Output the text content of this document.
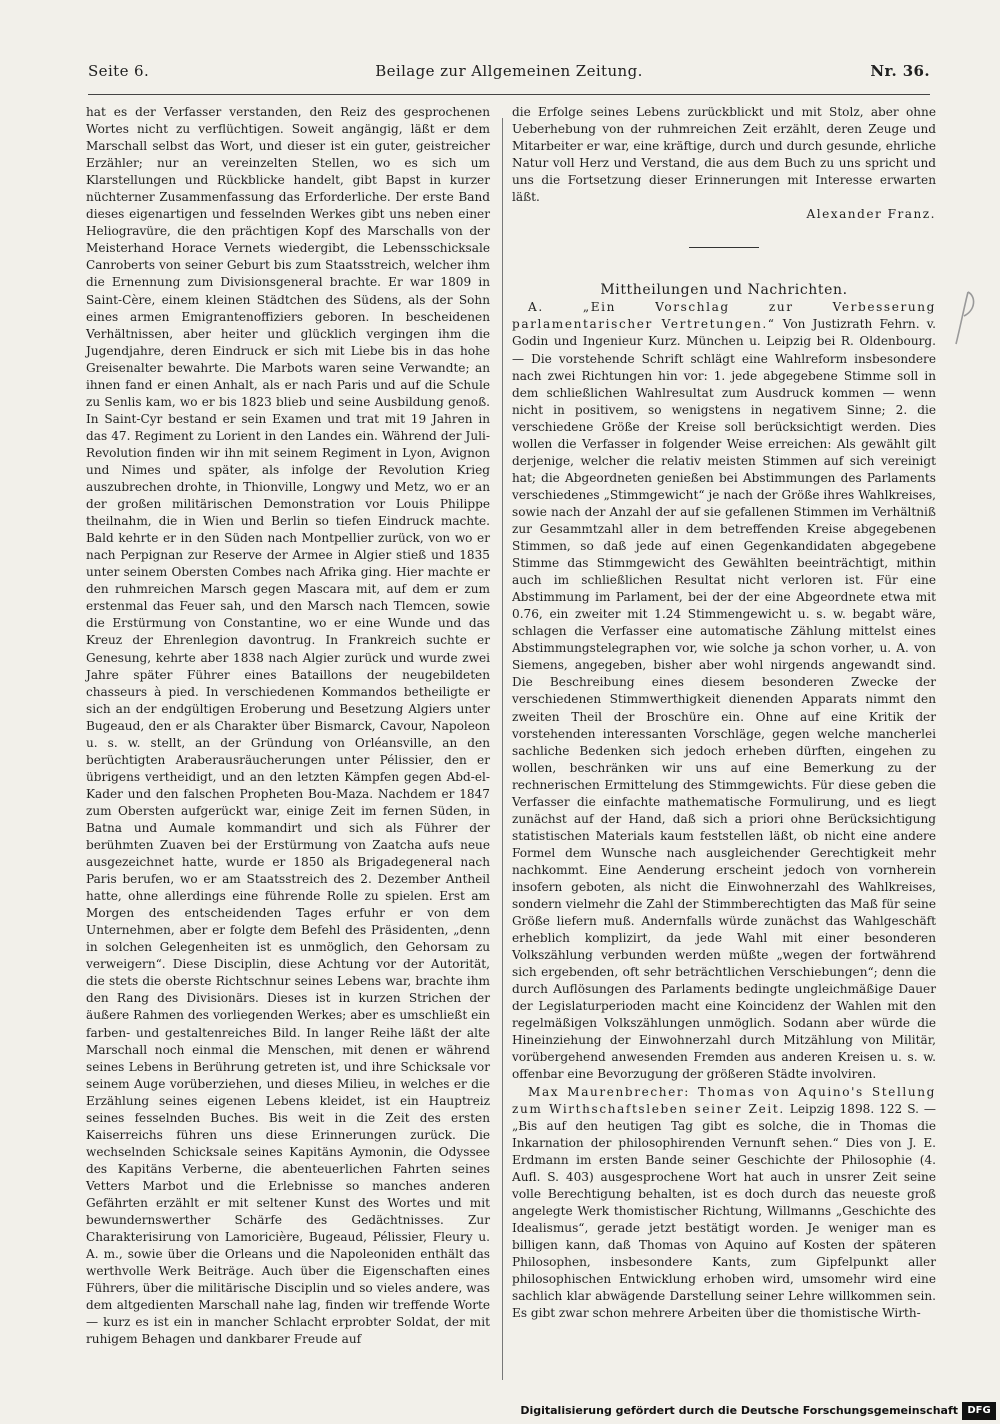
Seite 6.	Beilage zur Allgemeinen Zeitung.	Nr. 36.

hat es der Verfasser verstanden, den Reiz des gesprochenen Wortes nicht zu verflüchtigen. Soweit angängig, läßt er dem Marschall selbst das Wort, und dieser ist ein guter, geistreicher Erzähler; nur an vereinzelten Stellen, wo es sich um Klarstellungen und Rückblicke handelt, gibt Bapst in kurzer nüchterner Zusammenfassung das Erforderliche. Der erste Band dieses eigenartigen und fesselnden Werkes gibt uns neben einer Heliogravüre, die den prächtigen Kopf des Marschalls von der Meisterhand Horace Vernets wiedergibt, die Lebensschicksale Canroberts von seiner Geburt bis zum Staatsstreich, welcher ihm die Ernennung zum Divisionsgeneral brachte. Er war 1809 in Saint-Cère, einem kleinen Städtchen des Südens, als der Sohn eines armen Emigrantenoffiziers geboren. In bescheidenen Verhältnissen, aber heiter und glücklich vergingen ihm die Jugendjahre, deren Eindruck er sich mit Liebe bis in das hohe Greisenalter bewahrte. Die Marbots waren seine Verwandte; an ihnen fand er einen Anhalt, als er nach Paris und auf die Schule zu Senlis kam, wo er bis 1823 blieb und seine Ausbildung genoß. In Saint-Cyr bestand er sein Examen und trat mit 19 Jahren in das 47. Regiment zu Lorient in den Landes ein. Während der Juli-Revolution finden wir ihn mit seinem Regiment in Lyon, Avignon und Nimes und später, als infolge der Revolution Krieg auszubrechen drohte, in Thionville, Longwy und Metz, wo er an der großen militärischen Demonstration vor Louis Philippe theilnahm, die in Wien und Berlin so tiefen Eindruck machte. Bald kehrte er in den Süden nach Montpellier zurück, von wo er nach Perpignan zur Reserve der Armee in Algier stieß und 1835 unter seinem Obersten Combes nach Afrika ging. Hier machte er den ruhmreichen Marsch gegen Mascara mit, auf dem er zum erstenmal das Feuer sah, und den Marsch nach Tlemcen, sowie die Erstürmung von Constantine, wo er eine Wunde und das Kreuz der Ehrenlegion davontrug. In Frankreich suchte er Genesung, kehrte aber 1838 nach Algier zurück und wurde zwei Jahre später Führer eines Bataillons der neugebildeten chasseurs à pied. In verschiedenen Kommandos betheiligte er sich an der endgültigen Eroberung und Besetzung Algiers unter Bugeaud, den er als Charakter über Bismarck, Cavour, Napoleon u. s. w. stellt, an der Gründung von Orléansville, an den berüchtigten Araberausräucherungen unter Pélissier, den er übrigens vertheidigt, und an den letzten Kämpfen gegen Abd-el-Kader und den falschen Propheten Bou-Maza. Nachdem er 1847 zum Obersten aufgerückt war, einige Zeit im fernen Süden, in Batna und Aumale kommandirt und sich als Führer der berühmten Zuaven bei der Erstürmung von Zaatcha aufs neue ausgezeichnet hatte, wurde er 1850 als Brigadegeneral nach Paris berufen, wo er am Staatsstreich des 2. Dezember Antheil hatte, ohne allerdings eine führende Rolle zu spielen. Erst am Morgen des entscheidenden Tages erfuhr er von dem Unternehmen, aber er folgte dem Befehl des Präsidenten, „denn in solchen Gelegenheiten ist es unmöglich, den Gehorsam zu verweigern“. Diese Disciplin, diese Achtung vor der Autorität, die stets die oberste Richtschnur seines Lebens war, brachte ihm den Rang des Divisionärs. Dieses ist in kurzen Strichen der äußere Rahmen des vorliegenden Werkes; aber es umschließt ein farben- und gestaltenreiches Bild. In langer Reihe läßt der alte Marschall noch einmal die Menschen, mit denen er während seines Lebens in Berührung getreten ist, und ihre Schicksale vor seinem Auge vorüberziehen, und dieses Milieu, in welches er die Erzählung seines eigenen Lebens kleidet, ist ein Hauptreiz seines fesselnden Buches. Bis weit in die Zeit des ersten Kaiserreichs führen uns diese Erinnerungen zurück. Die wechselnden Schicksale seines Kapitäns Aymonin, die Odyssee des Kapitäns Verberne, die abenteuerlichen Fahrten seines Vetters Marbot und die Erlebnisse so manches anderen Gefährten erzählt er mit seltener Kunst des Wortes und mit bewundernswerther Schärfe des Gedächtnisses. Zur Charakterisirung von Lamoricière, Bugeaud, Pélissier, Fleury u. A. m., sowie über die Orleans und die Napoleoniden enthält das werthvolle Werk Beiträge. Auch über die Eigenschaften eines Führers, über die militärische Disciplin und so vieles andere, was dem altgedienten Marschall nahe lag, finden wir treffende Worte — kurz es ist ein in mancher Schlacht erprobter Soldat, der mit ruhigem Behagen und dankbarer Freude auf

die Erfolge seines Lebens zurückblickt und mit Stolz, aber ohne Ueberhebung von der ruhmreichen Zeit erzählt, deren Zeuge und Mitarbeiter er war, eine kräftige, durch und durch gesunde, ehrliche Natur voll Herz und Verstand, die aus dem Buch zu uns spricht und uns die Fortsetzung dieser Erinnerungen mit Interesse erwarten läßt.

Alexander Franz.

Mittheilungen und Nachrichten.

A. „Ein Vorschlag zur Verbesserung parlamentarischer Vertretungen.“ Von Justizrath Fehrn. v. Godin und Ingenieur Kurz. München u. Leipzig bei R. Oldenbourg. — Die vorstehende Schrift schlägt eine Wahlreform insbesondere nach zwei Richtungen hin vor: 1. jede abgegebene Stimme soll in dem schließlichen Wahlresultat zum Ausdruck kommen — wenn nicht in positivem, so wenigstens in negativem Sinne; 2. die verschiedene Größe der Kreise soll berücksichtigt werden. Dies wollen die Verfasser in folgender Weise erreichen: Als gewählt gilt derjenige, welcher die relativ meisten Stimmen auf sich vereinigt hat; die Abgeordneten genießen bei Abstimmungen des Parlaments verschiedenes „Stimmgewicht“ je nach der Größe ihres Wahlkreises, sowie nach der Anzahl der auf sie gefallenen Stimmen im Verhältniß zur Gesammtzahl aller in dem betreffenden Kreise abgegebenen Stimmen, so daß jede auf einen Gegenkandidaten abgegebene Stimme das Stimmgewicht des Gewählten beeinträchtigt, mithin auch im schließlichen Resultat nicht verloren ist. Für eine Abstimmung im Parlament, bei der der eine Abgeordnete etwa mit 0.76, ein zweiter mit 1.24 Stimmengewicht u. s. w. begabt wäre, schlagen die Verfasser eine automatische Zählung mittelst eines Abstimmungstelegraphen vor, wie solche ja schon vorher, u. A. von Siemens, angegeben, bisher aber wohl nirgends angewandt sind. Die Beschreibung eines diesem besonderen Zwecke der verschiedenen Stimmwerthigkeit dienenden Apparats nimmt den zweiten Theil der Broschüre ein. Ohne auf eine Kritik der vorstehenden interessanten Vorschläge, gegen welche mancherlei sachliche Bedenken sich jedoch erheben dürften, eingehen zu wollen, beschränken wir uns auf eine Bemerkung zu der rechnerischen Ermittelung des Stimmgewichts. Für diese geben die Verfasser die einfachte mathematische Formulirung, und es liegt zunächst auf der Hand, daß sich a priori ohne Berücksichtigung statistischen Materials kaum feststellen läßt, ob nicht eine andere Formel dem Wunsche nach ausgleichender Gerechtigkeit mehr nachkommt. Eine Aenderung erscheint jedoch von vornherein insofern geboten, als nicht die Einwohnerzahl des Wahlkreises, sondern vielmehr die Zahl der Stimmberechtigten das Maß für seine Größe liefern muß. Andernfalls würde zunächst das Wahlgeschäft erheblich komplizirt, da jede Wahl mit einer besonderen Volkszählung verbunden werden müßte „wegen der fortwährend sich ergebenden, oft sehr beträchtlichen Verschiebungen“; denn die durch Auflösungen des Parlaments bedingte ungleichmäßige Dauer der Legislaturperioden macht eine Koincidenz der Wahlen mit den regelmäßigen Volkszählungen unmöglich. Sodann aber würde die Hineinziehung der Einwohnerzahl durch Mitzählung von Militär, vorübergehend anwesenden Fremden aus anderen Kreisen u. s. w. offenbar eine Bevorzugung der größeren Städte involviren.

Max Maurenbrecher: Thomas von Aquino's Stellung zum Wirthschaftsleben seiner Zeit. Leipzig 1898. 122 S. — „Bis auf den heutigen Tag gibt es solche, die in Thomas die Inkarnation der philosophirenden Vernunft sehen.“ Dies von J. E. Erdmann im ersten Bande seiner Geschichte der Philosophie (4. Aufl. S. 403) ausgesprochene Wort hat auch in unsrer Zeit seine volle Berechtigung behalten, ist es doch durch das neueste groß angelegte Werk thomistischer Richtung, Willmanns „Geschichte des Idealismus“, gerade jetzt bestätigt worden. Je weniger man es billigen kann, daß Thomas von Aquino auf Kosten der späteren Philosophen, insbesondere Kants, zum Gipfelpunkt aller philosophischen Entwicklung erhoben wird, umsomehr wird eine sachlich klar abwägende Darstellung seiner Lehre willkommen sein. Es gibt zwar schon mehrere Arbeiten über die thomistische Wirth-

Digitalisierung gefördert durch die Deutsche Forschungsgemeinschaft DFG
